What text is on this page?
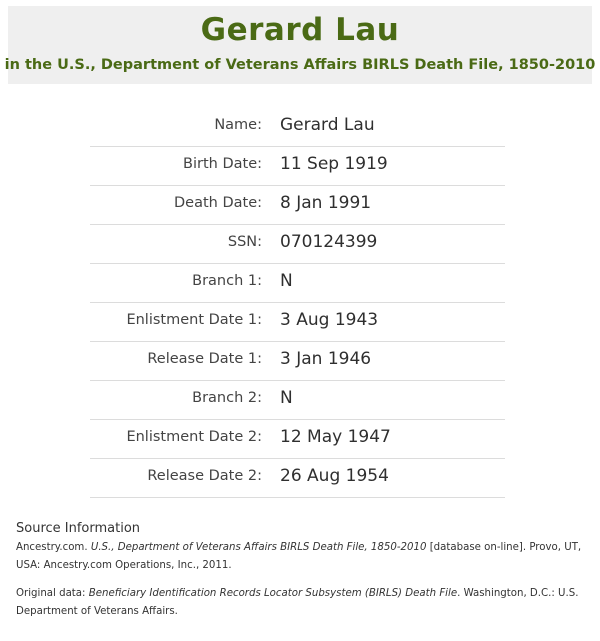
Gerard Lau
in the U.S., Department of Veterans Affairs BIRLS Death File, 1850-2010
Name: Gerard Lau
Birth Date: 11 Sep 1919
Death Date: 8 Jan 1991
SSN: 070124399
Branch 1: N
Enlistment Date 1: 3 Aug 1943
Release Date 1: 3 Jan 1946
Branch 2: N
Enlistment Date 2: 12 May 1947
Release Date 2: 26 Aug 1954
Source Information
Ancestry.com. U.S., Department of Veterans Affairs BIRLS Death File, 1850-2010 [database on-line]. Provo, UT, USA: Ancestry.com Operations, Inc., 2011.
Original data: Beneficiary Identification Records Locator Subsystem (BIRLS) Death File. Washington, D.C.: U.S. Department of Veterans Affairs.
